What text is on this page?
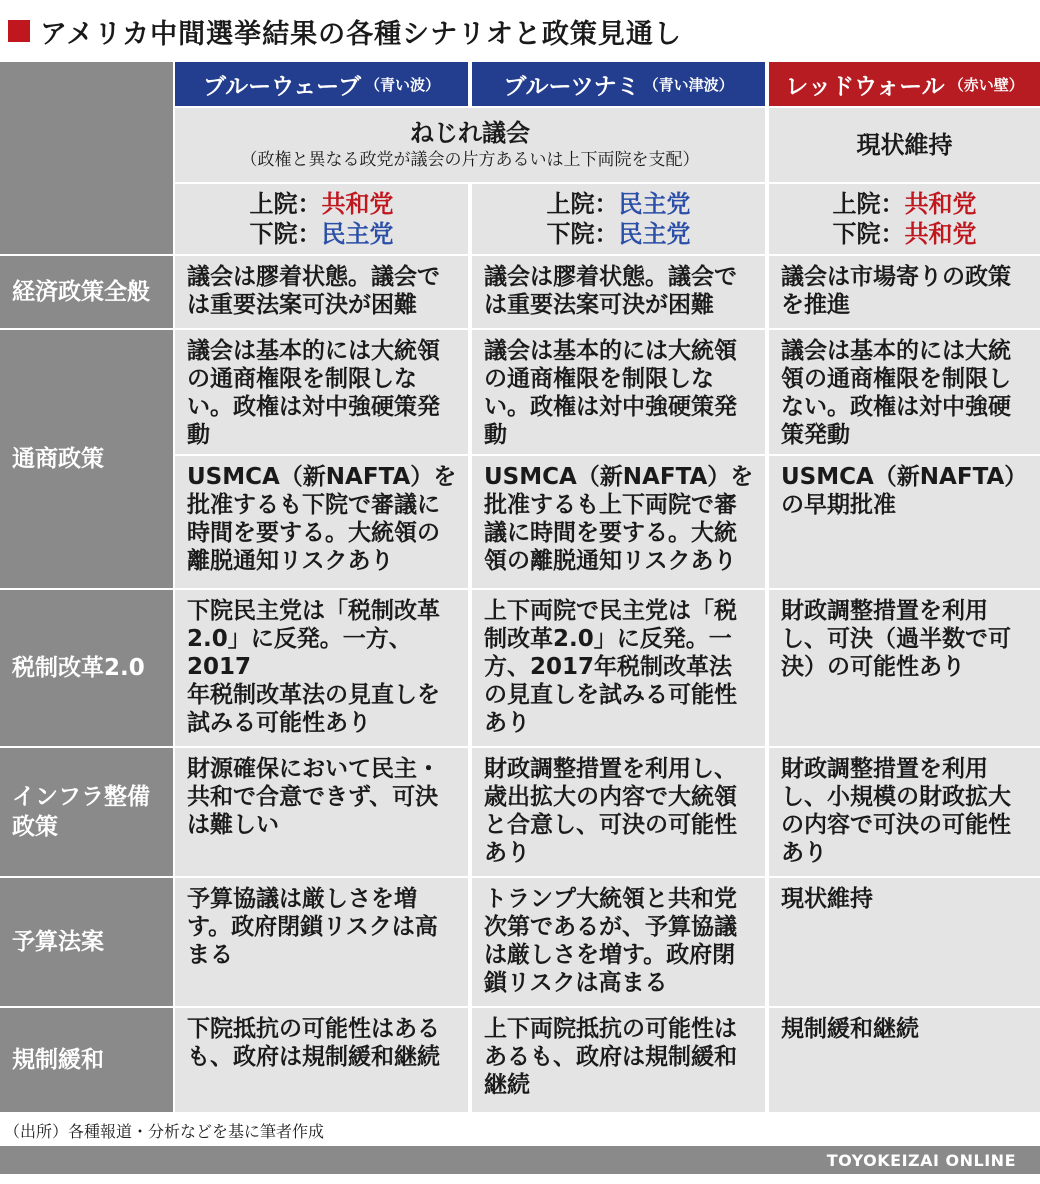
アメリカ中間選挙結果の各種シナリオと政策見通し
ブルーウェーブ （青い波）	ブルーツナミ （青い津波） レッドウォール （赤い壁）
ねじれ議会
（政権と異なる政党が議会の片方あるいは上下両院を支配）
現状維持
上院：共和党
下院：民主党
上院：民主党
下院：民主党
上院：共和党
下院：共和党
経済政策全般
議会は膠着状態。議会で
は重要法案可決が困難
議会は膠着状態。議会で
は重要法案可決が困難
議会は市場寄りの政策
を推進
通商政策
議会は基本的には大統領
の通商権限を制限しな
い。政権は対中強硬策発
動
議会は基本的には大統領
の通商権限を制限しな
い。政権は対中強硬策発
動
議会は基本的には大統
領の通商権限を制限し
ない。政権は対中強硬
策発動
USMCA（新NAFTA）を
批准するも下院で審議に
時間を要する。大統領の
離脱通知リスクあり
USMCA（新NAFTA）を
批准するも上下両院で審
議に時間を要する。大統
領の離脱通知リスクあり
USMCA（新NAFTA）
の早期批准
税制改革2.0
下院民主党は「税制改革
2.0」に反発。一方、2017
年税制改革法の見直しを
試みる可能性あり
上下両院で民主党は「税
制改革2.0」に反発。一
方、2017年税制改革法
の見直しを試みる可能性
あり
財政調整措置を利用
し、可決（過半数で可
決）の可能性あり
インフラ整備政策
財源確保において民主・
共和で合意できず、可決
は難しい
財政調整措置を利用し、
歳出拡大の内容で大統領
と合意し、可決の可能性
あり
財政調整措置を利用
し、小規模の財政拡大
の内容で可決の可能性
あり
予算法案
予算協議は厳しさを増
す。政府閉鎖リスクは高
まる
トランプ大統領と共和党
次第であるが、予算協議
は厳しさを増す。政府閉
鎖リスクは高まる
現状維持
規制緩和
下院抵抗の可能性はある
も、政府は規制緩和継続
上下両院抵抗の可能性は
あるも、政府は規制緩和
継続
規制緩和継続
（出所）各種報道・分析などを基に筆者作成
TOYOKEIZAI ONLINE
